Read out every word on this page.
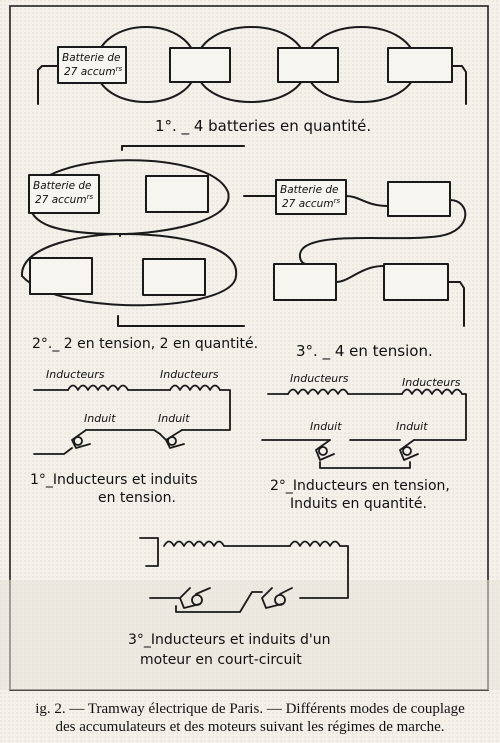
Batterie de
27 accum$^{rs}$
Batterie de
27 accum$^{rs}$
Batterie de
27 accum$^{rs}$
1°. _ 4 batteries en quantité.
2°._ 2 en tension, 2 en quantité.	3°. _ 4 en tension.
Inducteurs	Inducteurs
Induit	Induit
1°_Inducteurs et induits
en tension.
Inducteurs	Inducteurs
Induit	Induit
2°_Inducteurs en tension,
Induits en quantité.
3°_Inducteurs et induits d'un
moteur en court-circuit
ig. 2. — Tramway électrique de Paris. — Différents modes de couplage
des accumulateurs et des moteurs suivant les régimes de marche.
